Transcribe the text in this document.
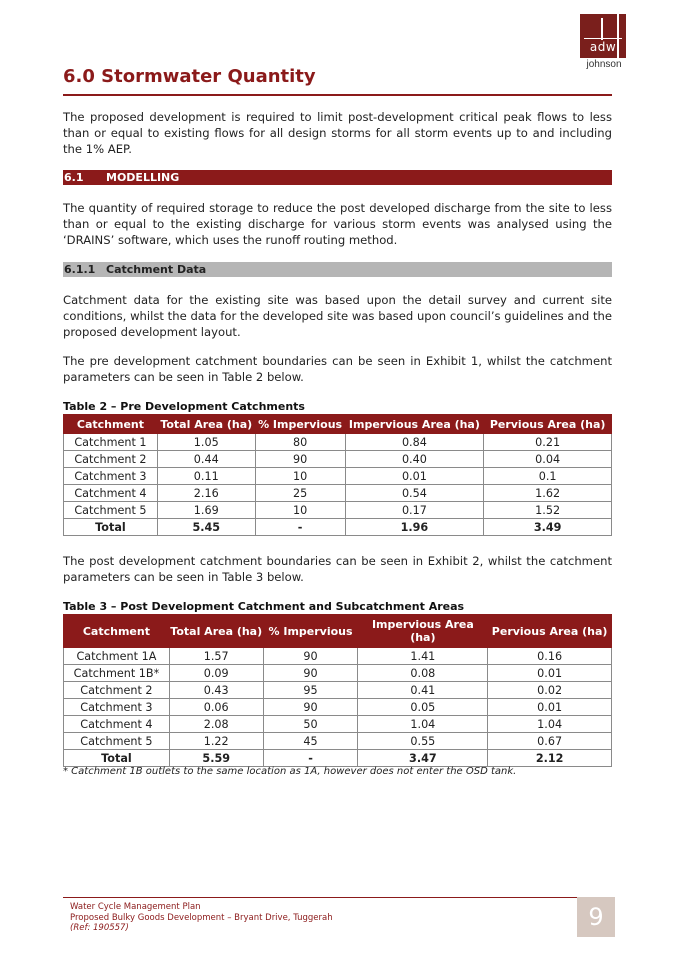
adw
johnson
6.0 Stormwater Quantity

The proposed development is required to limit post-development critical peak flows to less than or equal to existing flows for all design storms for all storm events up to and including the 1% AEP.

6.1 MODELLING

The quantity of required storage to reduce the post developed discharge from the site to less than or equal to the existing discharge for various storm events was analysed using the ‘DRAINS’ software, which uses the runoff routing method.

6.1.1 Catchment Data

Catchment data for the existing site was based upon the detail survey and current site conditions, whilst the data for the developed site was based upon council’s guidelines and the proposed development layout.

The pre development catchment boundaries can be seen in Exhibit 1, whilst the catchment parameters can be seen in Table 2 below.

Table 2 – Pre Development Catchments
Catchment	Total Area (ha)	% Impervious	Impervious Area (ha)	Pervious Area (ha)
Catchment 1	1.05	80	0.84	0.21
Catchment 2	0.44	90	0.40	0.04
Catchment 3	0.11	10	0.01	0.1
Catchment 4	2.16	25	0.54	1.62
Catchment 5	1.69	10	0.17	1.52
Total	5.45	-	1.96	3.49

The post development catchment boundaries can be seen in Exhibit 2, whilst the catchment parameters can be seen in Table 3 below.

Table 3 – Post Development Catchment and Subcatchment Areas
Catchment	Total Area (ha)	% Impervious	Impervious Area (ha)	Pervious Area (ha)
Catchment 1A	1.57	90	1.41	0.16
Catchment 1B*	0.09	90	0.08	0.01
Catchment 2	0.43	95	0.41	0.02
Catchment 3	0.06	90	0.05	0.01
Catchment 4	2.08	50	1.04	1.04
Catchment 5	1.22	45	0.55	0.67
Total	5.59	-	3.47	2.12
* Catchment 1B outlets to the same location as 1A, however does not enter the OSD tank.
Water Cycle Management Plan
Proposed Bulky Goods Development – Bryant Drive, Tuggerah
(Ref: 190557)	9
